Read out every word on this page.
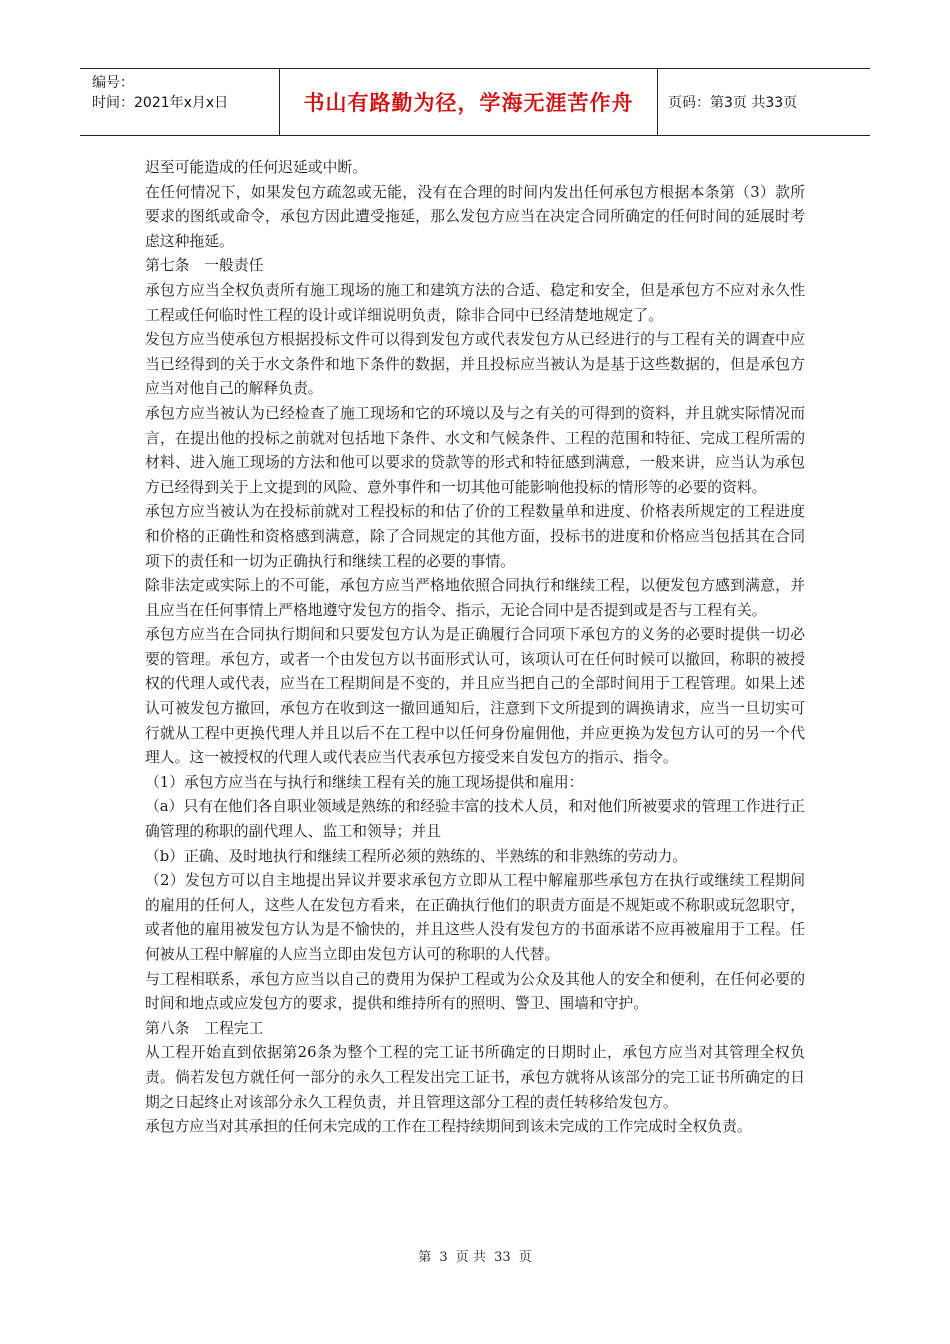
编号：
时间：2021年x月x日	书山有路勤为径，学海无涯苦作舟 页码：第3页 共33页

迟至可能造成的任何迟延或中断。

在任何情况下，如果发包方疏忽或无能，没有在合理的时间内发出任何承包方根据本条第（3）款所要求的图纸或命令，承包方因此遭受拖延，那么发包方应当在决定合同所确定的任何时间的延展时考虑这种拖延。

第七条　一般责任

承包方应当全权负责所有施工现场的施工和建筑方法的合适、稳定和安全，但是承包方不应对永久性工程或任何临时性工程的设计或详细说明负责，除非合同中已经清楚地规定了。

发包方应当使承包方根据投标文件可以得到发包方或代表发包方从已经进行的与工程有关的调查中应当已经得到的关于水文条件和地下条件的数据，并且投标应当被认为是基于这些数据的，但是承包方应当对他自己的解释负责。

承包方应当被认为已经检查了施工现场和它的环境以及与之有关的可得到的资料，并且就实际情况而言，在提出他的投标之前就对包括地下条件、水文和气候条件、工程的范围和特征、完成工程所需的材料、进入施工现场的方法和他可以要求的贷款等的形式和特征感到满意，一般来讲，应当认为承包方已经得到关于上文提到的风险、意外事件和一切其他可能影响他投标的情形等的必要的资料。

承包方应当被认为在投标前就对工程投标的和估了价的工程数量单和进度、价格表所规定的工程进度和价格的正确性和资格感到满意，除了合同规定的其他方面，投标书的进度和价格应当包括其在合同项下的责任和一切为正确执行和继续工程的必要的事情。

除非法定或实际上的不可能，承包方应当严格地依照合同执行和继续工程，以便发包方感到满意，并且应当在任何事情上严格地遵守发包方的指令、指示，无论合同中是否提到或是否与工程有关。

承包方应当在合同执行期间和只要发包方认为是正确履行合同项下承包方的义务的必要时提供一切必要的管理。承包方，或者一个由发包方以书面形式认可，该项认可在任何时候可以撤回，称职的被授权的代理人或代表，应当在工程期间是不变的，并且应当把自己的全部时间用于工程管理。如果上述认可被发包方撤回，承包方在收到这一撤回通知后，注意到下文所提到的调换请求，应当一旦切实可行就从工程中更换代理人并且以后不在工程中以任何身份雇佣他，并应更换为发包方认可的另一个代理人。这一被授权的代理人或代表应当代表承包方接受来自发包方的指示、指令。

（1）承包方应当在与执行和继续工程有关的施工现场提供和雇用：

（a）只有在他们各自职业领域是熟练的和经验丰富的技术人员，和对他们所被要求的管理工作进行正确管理的称职的副代理人、监工和领导；并且

（b）正确、及时地执行和继续工程所必须的熟练的、半熟练的和非熟练的劳动力。

（2）发包方可以自主地提出异议并要求承包方立即从工程中解雇那些承包方在执行或继续工程期间的雇用的任何人，这些人在发包方看来，在正确执行他们的职责方面是不规矩或不称职或玩忽职守，或者他的雇用被发包方认为是不愉快的，并且这些人没有发包方的书面承诺不应再被雇用于工程。任何被从工程中解雇的人应当立即由发包方认可的称职的人代替。

与工程相联系，承包方应当以自己的费用为保护工程或为公众及其他人的安全和便利，在任何必要的时间和地点或应发包方的要求，提供和维持所有的照明、警卫、围墙和守护。

第八条　工程完工

从工程开始直到依据第26条为整个工程的完工证书所确定的日期时止，承包方应当对其管理全权负责。倘若发包方就任何一部分的永久工程发出完工证书，承包方就将从该部分的完工证书所确定的日期之日起终止对该部分永久工程负责，并且管理这部分工程的责任转移给发包方。

承包方应当对其承担的任何未完成的工作在工程持续期间到该未完成的工作完成时全权负责。

第 3 页 共 33 页
